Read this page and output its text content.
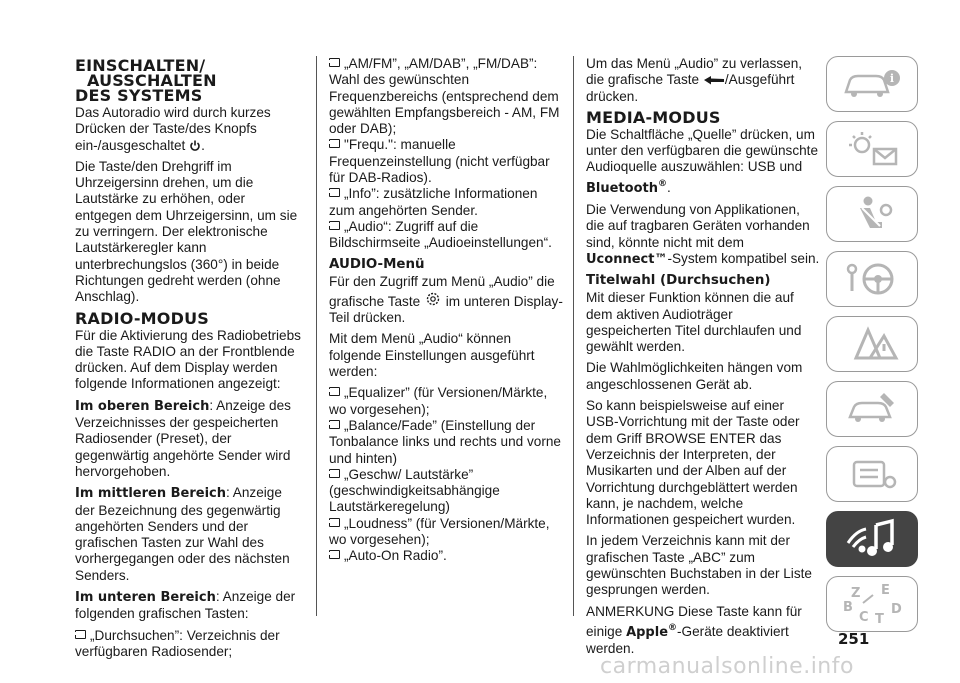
EINSCHALTEN/
AUSSCHALTEN
DES SYSTEMS

Das Autoradio wird durch kurzes Drücken der Taste/des Knopfs ein-/ausgeschaltet .

Die Taste/den Drehgriff im Uhrzeigersinn drehen, um die Lautstärke zu erhöhen, oder entgegen dem Uhrzeigersinn, um sie zu verringern. Der elektronische Lautstärkeregler kann unterbrechungslos (360°) in beide Richtungen gedreht werden (ohne Anschlag).

RADIO-MODUS

Für die Aktivierung des Radiobetriebs die Taste RADIO an der Frontblende drücken. Auf dem Display werden folgende Informationen angezeigt:

Im oberen Bereich: Anzeige des Verzeichnisses der gespeicherten Radiosender (Preset), der gegenwärtig angehörte Sender wird hervorgehoben.

Im mittleren Bereich: Anzeige der Bezeichnung des gegenwärtig angehörten Senders und der grafischen Tasten zur Wahl des vorhergegangen oder des nächsten Senders.

Im unteren Bereich: Anzeige der folgenden grafischen Tasten:

„Durchsuchen”: Verzeichnis der verfügbaren Radiosender;

„AM/FM”, „AM/DAB”, „FM/DAB”: Wahl des gewünschten Frequenzbereichs (entsprechend dem gewählten Empfangsbereich - AM, FM oder DAB);

"Frequ.": manuelle Frequenzeinstellung (nicht verfügbar für DAB-Radios).

„Info”: zusätzliche Informationen zum angehörten Sender.

„Audio“: Zugriff auf die Bildschirmseite „Audioeinstellungen“.

AUDIO-Menü

Für den Zugriff zum Menü „Audio” die grafische Taste im unteren Display-Teil drücken.

Mit dem Menü „Audio“ können folgende Einstellungen ausgeführt werden:

„Equalizer” (für Versionen/Märkte, wo vorgesehen);

„Balance/Fade” (Einstellung der Tonbalance links und rechts und vorne und hinten)

„Geschw/ Lautstärke” (geschwindigkeitsabhängige Lautstärkeregelung)

„Loudness” (für Versionen/Märkte, wo vorgesehen);

„Auto-On Radio”.

Um das Menü „Audio” zu verlassen, die grafische Taste /Ausgeführt drücken.

MEDIA-MODUS

Die Schaltfläche „Quelle” drücken, um unter den verfügbaren die gewünschte Audioquelle auszuwählen: USB und Bluetooth®.

Die Verwendung von Applikationen, die auf tragbaren Geräten vorhanden sind, könnte nicht mit dem Uconnect™-System kompatibel sein.

Titelwahl (Durchsuchen)

Mit dieser Funktion können die auf dem aktiven Audioträger gespeicherten Titel durchlaufen und gewählt werden.

Die Wahlmöglichkeiten hängen vom angeschlossenen Gerät ab.

So kann beispielsweise auf einer USB-Vorrichtung mit der Taste oder dem Griff BROWSE ENTER das Verzeichnis der Interpreten, der Musikarten und der Alben auf der Vorrichtung durchgeblättert werden kann, je nachdem, welche Informationen gespeichert wurden.

In jedem Verzeichnis kann mit der grafischen Taste „ABC” zum gewünschten Buchstaben in der Liste gesprungen werden.

ANMERKUNG Diese Taste kann für einige Apple®-Geräte deaktiviert werden.

i
Z E
B
C T
D
251
carmanualsonline.info
